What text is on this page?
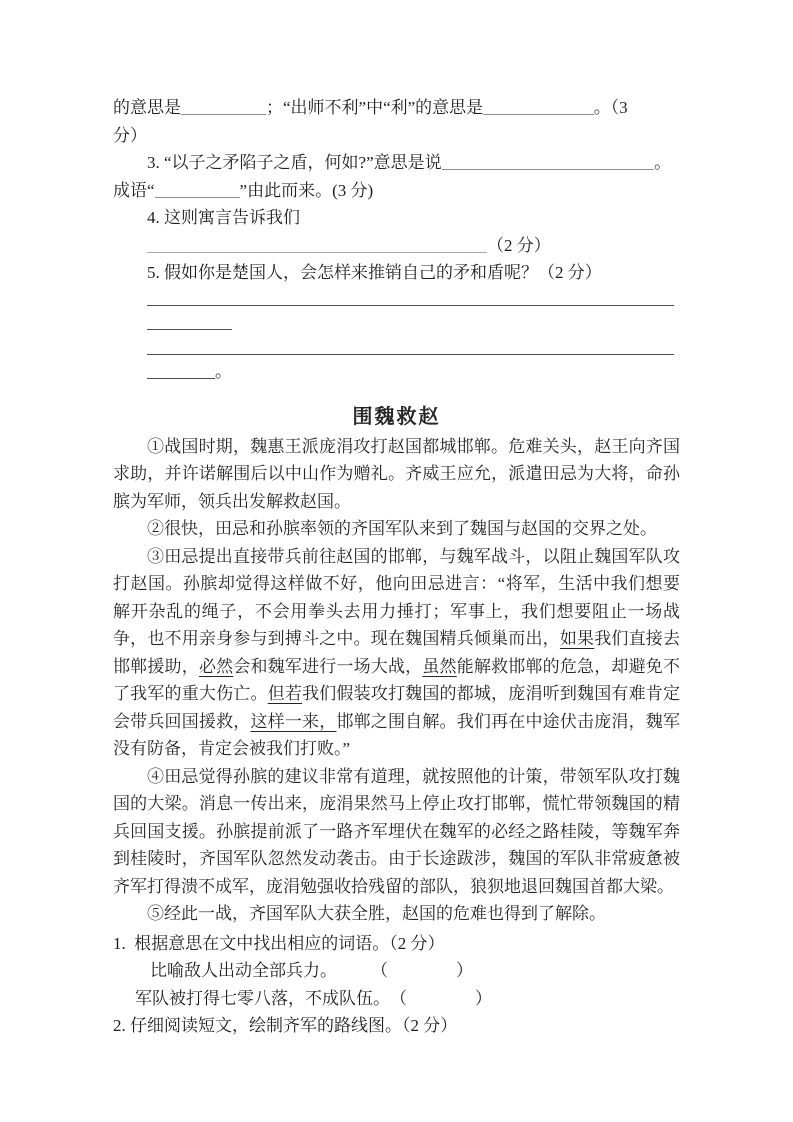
的意思是	；“出师不利”中“利”的意思是	。（3
分）
3. “以子之矛陷子之盾，何如?”意思是说	。
成语“	”由此而来。(3 分)
4. 这则寓言告诉我们
（2 分）
5. 假如你是楚国人，会怎样来推销自己的矛和盾呢？（2 分）
。
围魏救赵
①战国时期，魏惠王派庞涓攻打赵国都城邯郸。危难关头，赵王向齐国求助，并许诺解围后以中山作为赠礼。齐威王应允，派遣田忌为大将，命孙膑为军师，领兵出发解救赵国。
②很快，田忌和孙膑率领的齐国军队来到了魏国与赵国的交界之处。
③田忌提出直接带兵前往赵国的邯郸，与魏军战斗，以阻止魏国军队攻打赵国。孙膑却觉得这样做不好，他向田忌进言：“将军，生活中我们想要解开杂乱的绳子，不会用拳头去用力捶打；军事上，我们想要阻止一场战争，也不用亲身参与到搏斗之中。现在魏国精兵倾巢而出，如果我们直接去邯郸援助，必然会和魏军进行一场大战，虽然能解救邯郸的危急，却避免不了我军的重大伤亡。但若我们假装攻打魏国的都城，庞涓听到魏国有难肯定会带兵回国援救，这样一来，邯郸之围自解。我们再在中途伏击庞涓，魏军没有防备，肯定会被我们打败。”
④田忌觉得孙膑的建议非常有道理，就按照他的计策，带领军队攻打魏国的大梁。消息一传出来，庞涓果然马上停止攻打邯郸，慌忙带领魏国的精兵回国支援。孙膑提前派了一路齐军埋伏在魏军的必经之路桂陵，等魏军奔到桂陵时，齐国军队忽然发动袭击。由于长途跋涉，魏国的军队非常疲惫被齐军打得溃不成军，庞涓勉强收拾残留的部队，狼狈地退回魏国首都大梁。
⑤经此一战，齐国军队大获全胜，赵国的危难也得到了解除。
1.  根据意思在文中找出相应的词语。（2 分）
比喻敌人出动全部兵力。　　　（　　　　）
军队被打得七零八落，不成队伍。　（　　　　）
2. 仔细阅读短文，绘制齐军的路线图。（2 分）
